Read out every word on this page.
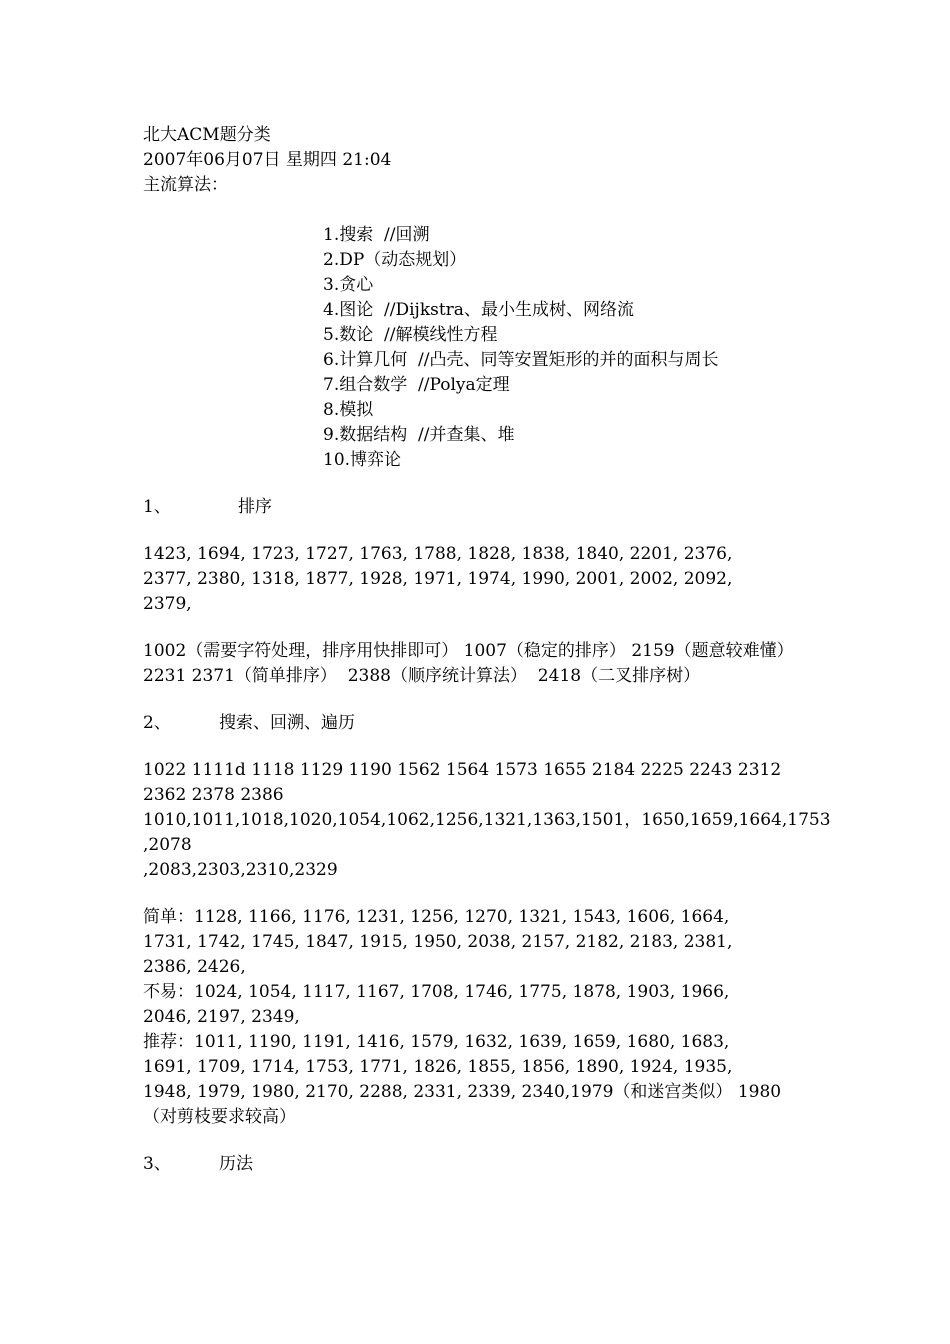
北大ACM题分类

2007年06月07日 星期四 21:04

主流算法：

1.搜索  //回溯

2.DP（动态规划）

3.贪心

4.图论  //Dijkstra、最小生成树、网络流

5.数论  //解模线性方程

6.计算几何  //凸壳、同等安置矩形的并的面积与周长

7.组合数学  //Polya定理

8.模拟

9.数据结构  //并查集、堆

10.博弈论

1、	排序

1423, 1694, 1723, 1727, 1763, 1788, 1828, 1838, 1840, 2201, 2376,

2377, 2380, 1318, 1877, 1928, 1971, 1974, 1990, 2001, 2002, 2092,

2379,

1002（需要字符处理，排序用快排即可） 1007（稳定的排序） 2159（题意较难懂）

2231 2371（简单排序）  2388（顺序统计算法）  2418（二叉排序树）

2、	搜索、回溯、遍历

1022 1111d 1118 1129 1190 1562 1564 1573 1655 2184 2225 2243 2312

2362 2378 2386

1010,1011,1018,1020,1054,1062,1256,1321,1363,1501，1650,1659,1664,1753

,2078

,2083,2303,2310,2329

简单：1128, 1166, 1176, 1231, 1256, 1270, 1321, 1543, 1606, 1664,

1731, 1742, 1745, 1847, 1915, 1950, 2038, 2157, 2182, 2183, 2381,

2386, 2426,

不易：1024, 1054, 1117, 1167, 1708, 1746, 1775, 1878, 1903, 1966,

2046, 2197, 2349,

推荐：1011, 1190, 1191, 1416, 1579, 1632, 1639, 1659, 1680, 1683,

1691, 1709, 1714, 1753, 1771, 1826, 1855, 1856, 1890, 1924, 1935,

1948, 1979, 1980, 2170, 2288, 2331, 2339, 2340,1979（和迷宫类似） 1980

（对剪枝要求较高）

3、	历法
